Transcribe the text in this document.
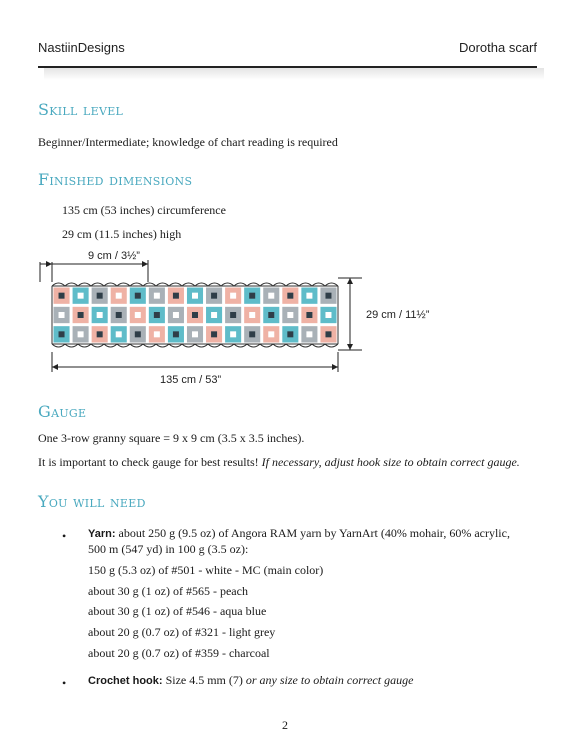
NastiinDesigns	Dorotha scarf
Skill level
Beginner/Intermediate; knowledge of chart reading is required
Finished dimensions
135 cm (53 inches) circumference
29 cm (11.5 inches) high
9 cm / 3½”
29 cm / 11½”
135 cm / 53”
Gauge
One 3-row granny square = 9 x 9 cm (3.5 x 3.5 inches).
It is important to check gauge for best results! If necessary, adjust hook size to obtain correct gauge.
You will need
• Yarn: about 250 g (9.5 oz) of Angora RAM yarn by YarnArt (40% mohair, 60% acrylic,
500 m (547 yd) in 100 g (3.5 oz):
150 g (5.3 oz) of #501 - white - MC (main color)
about 30 g (1 oz) of #565 - peach
about 30 g (1 oz) of #546 - aqua blue
about 20 g (0.7 oz) of #321 - light grey
about 20 g (0.7 oz) of #359 - charcoal
• Crochet hook: Size 4.5 mm (7) or any size to obtain correct gauge
2
